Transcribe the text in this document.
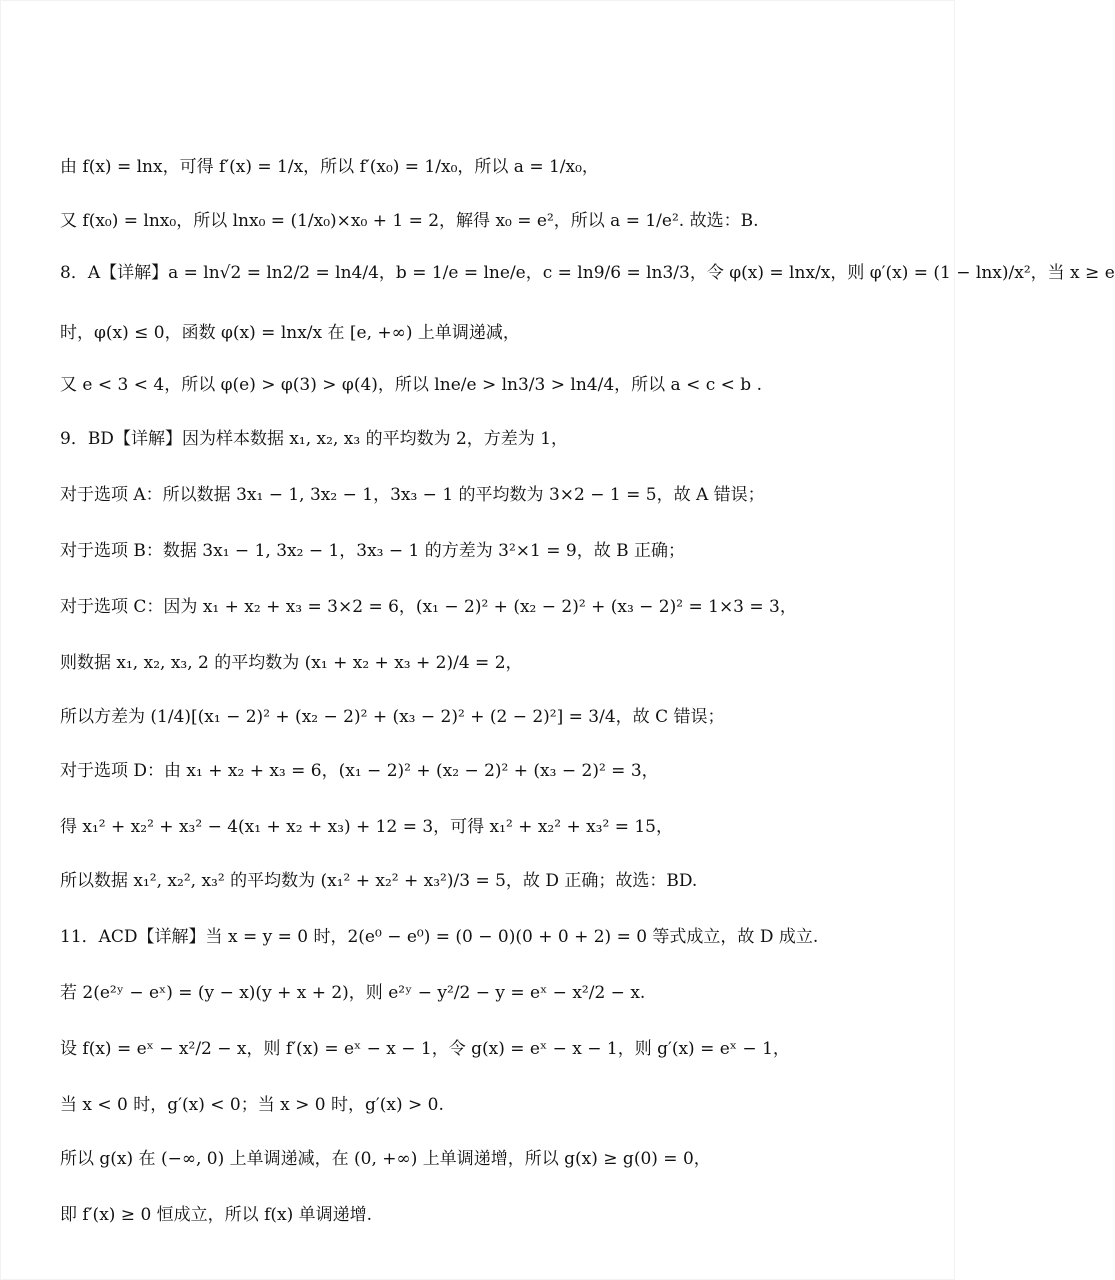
由 f(x) = lnx，可得 f′(x) = 1/x，所以 f′(x₀) = 1/x₀，所以 a = 1/x₀，
又 f(x₀) = lnx₀，所以 lnx₀ = (1/x₀)×x₀ + 1 = 2，解得 x₀ = e²，所以 a = 1/e². 故选：B.
8．A【详解】a = ln√2 = ln2/2 = ln4/4，b = 1/e = lne/e，c = ln9/6 = ln3/3，令 φ(x) = lnx/x，则 φ′(x) = (1 − lnx)/x²，当 x ≥ e
时，φ(x) ≤ 0，函数 φ(x) = lnx/x 在 [e, +∞) 上单调递减，
又 e < 3 < 4，所以 φ(e) > φ(3) > φ(4)，所以 lne/e > ln3/3 > ln4/4，所以 a < c < b .
9．BD【详解】因为样本数据 x₁, x₂, x₃ 的平均数为 2，方差为 1，
对于选项 A：所以数据 3x₁ − 1, 3x₂ − 1，3x₃ − 1 的平均数为 3×2 − 1 = 5，故 A 错误；
对于选项 B：数据 3x₁ − 1, 3x₂ − 1，3x₃ − 1 的方差为 3²×1 = 9，故 B 正确；
对于选项 C：因为 x₁ + x₂ + x₃ = 3×2 = 6，(x₁ − 2)² + (x₂ − 2)² + (x₃ − 2)² = 1×3 = 3，
则数据 x₁, x₂, x₃, 2 的平均数为 (x₁ + x₂ + x₃ + 2)/4 = 2，
所以方差为 (1/4)[(x₁ − 2)² + (x₂ − 2)² + (x₃ − 2)² + (2 − 2)²] = 3/4，故 C 错误；
对于选项 D：由 x₁ + x₂ + x₃ = 6，(x₁ − 2)² + (x₂ − 2)² + (x₃ − 2)² = 3，
得 x₁² + x₂² + x₃² − 4(x₁ + x₂ + x₃) + 12 = 3，可得 x₁² + x₂² + x₃² = 15，
所以数据 x₁², x₂², x₃² 的平均数为 (x₁² + x₂² + x₃²)/3 = 5，故 D 正确；故选：BD.
11．ACD【详解】当 x = y = 0 时，2(e⁰ − e⁰) = (0 − 0)(0 + 0 + 2) = 0 等式成立，故 D 成立.
若 2(e²ʸ − eˣ) = (y − x)(y + x + 2)，则 e²ʸ − y²/2 − y = eˣ − x²/2 − x.
设 f(x) = eˣ − x²/2 − x，则 f′(x) = eˣ − x − 1，令 g(x) = eˣ − x − 1，则 g′(x) = eˣ − 1，
当 x < 0 时，g′(x) < 0；当 x > 0 时，g′(x) > 0.
所以 g(x) 在 (−∞, 0) 上单调递减，在 (0, +∞) 上单调递增，所以 g(x) ≥ g(0) = 0，
即 f′(x) ≥ 0 恒成立，所以 f(x) 单调递增.
